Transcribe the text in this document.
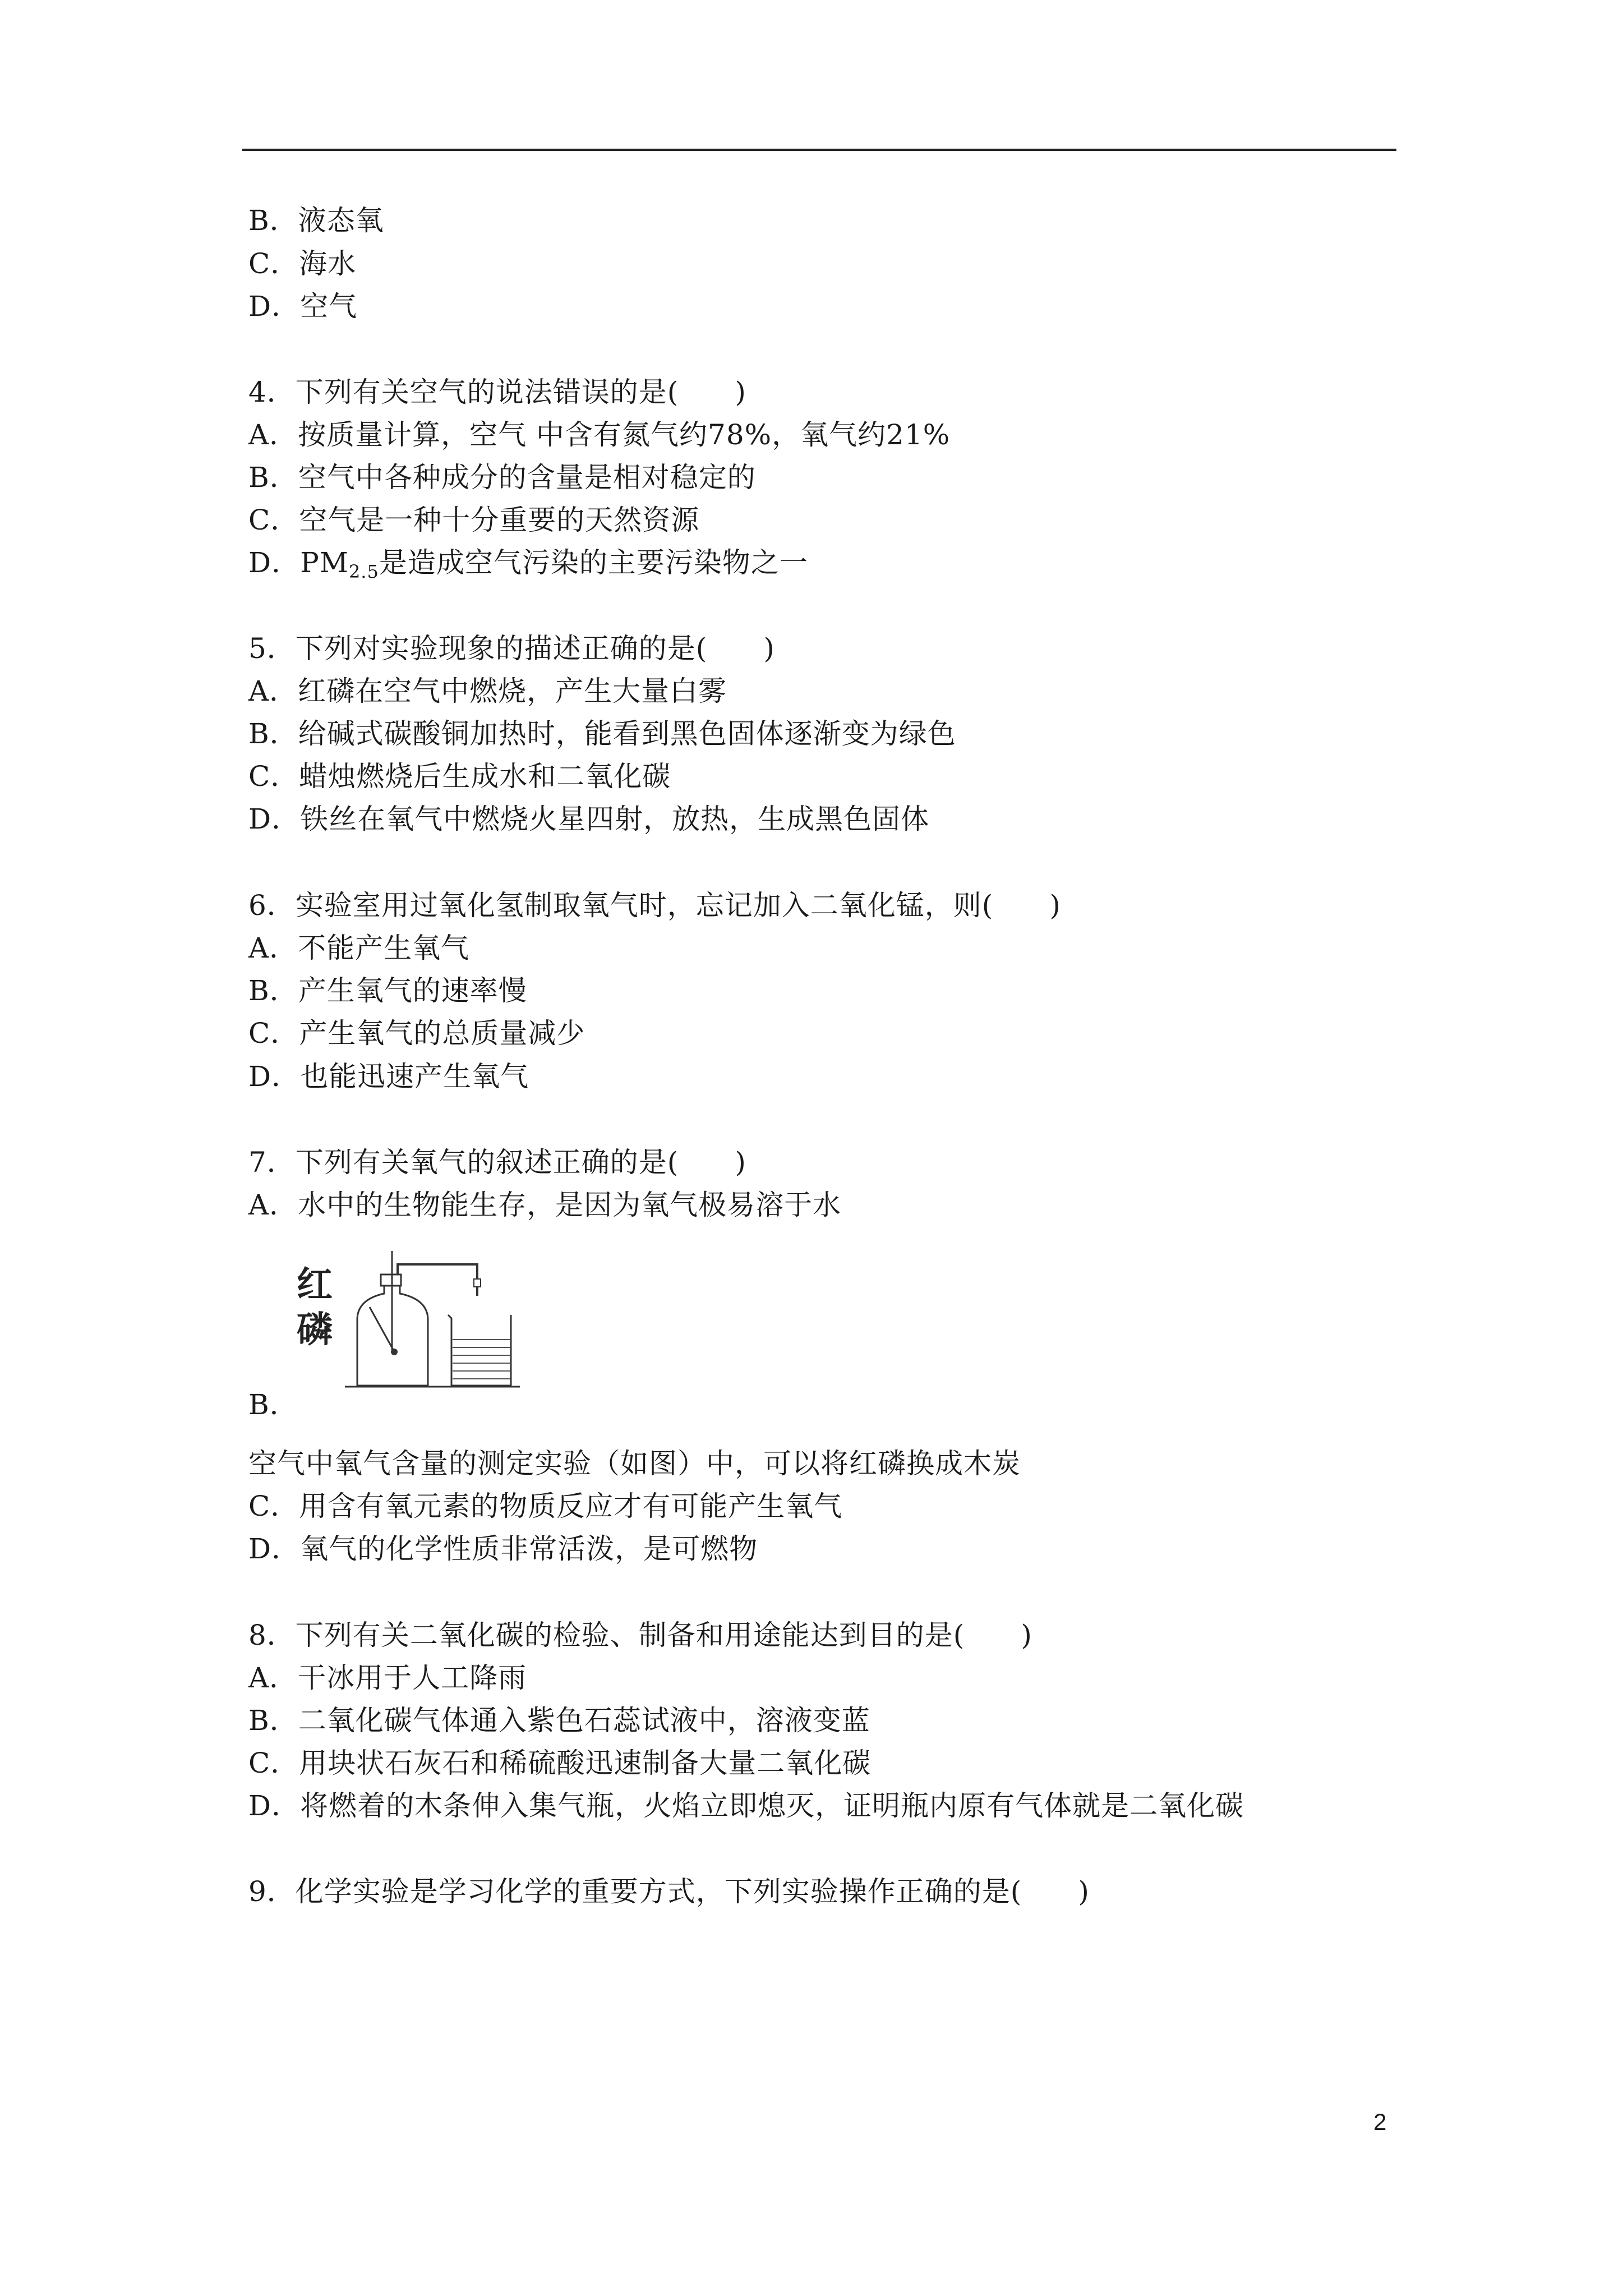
B．液态氧
C．海水
D．空气
4．下列有关空气的说法错误的是( )
A．按质量计算，空气 中含有氮气约78%，氧气约21%
B．空气中各种成分的含量是相对稳定的
C．空气是一种十分重要的天然资源
D．$PM_{2.5}$是造成空气污染的主要污染物之一
5．下列对实验现象的描述正确的是( )
A．红磷在空气中燃烧，产生大量白雾
B．给碱式碳酸铜加热时，能看到黑色固体逐渐变为绿色
C．蜡烛燃烧后生成水和二氧化碳
D．铁丝在氧气中燃烧火星四射，放热，生成黑色固体
6．实验室用过氧化氢制取氧气时，忘记加入二氧化锰，则( )
A．不能产生氧气
B．产生氧气的速率慢
C．产生氧气的总质量减少
D．也能迅速产生氧气
7．下列有关氧气的叙述正确的是( )
A．水中的生物能生存，是因为氧气极易溶于水
红
磷
B．
空气中氧气含量的测定实验（如图）中，可以将红磷换成木炭
C．用含有氧元素的物质反应才有可能产生氧气
D．氧气的化学性质非常活泼，是可燃物
8．下列有关二氧化碳的检验、制备和用途能达到目的是( )
A．干冰用于人工降雨
B．二氧化碳气体通入紫色石蕊试液中，溶液变蓝
C．用块状石灰石和稀硫酸迅速制备大量二氧化碳
D．将燃着的木条伸入集气瓶，火焰立即熄灭，证明瓶内原有气体就是二氧化碳
9．化学实验是学习化学的重要方式，下列实验操作正确的是( )
2
